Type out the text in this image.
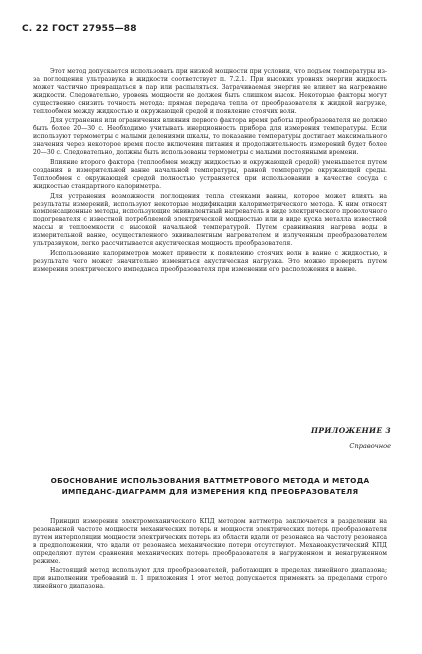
С. 22 ГОСТ 27955—88

Этот метод допускается использовать при низкой мощности при условии, что подъем температуры из-за поглощения ультразвука в жидкости соответствует п. 7.2.1. При высоких уровнях энергии жидкость может частично превращаться в пар или распыляться. Затрачиваемая энергия не влияет на нагревание жидкости. Следовательно, уровень мощности не должен быть слишком высок. Некоторые факторы могут существенно снизить точность метода: прямая передача тепла от преобразователя к жидкой нагрузке, теплообмен между жидкостью и окружающей средой и появление стоячих волн.

Для устранения или ограничения влияния первого фактора время работы преобразователя не должно быть более 20—30 с. Необходимо учитывать инерционность прибора для измерения температуры. Если используют термометры с малыми делениями шкалы, то показание температуры достигает максимального значения через некоторое время после включения питания и продолжительность измерений будет более 20—30 с. Следовательно, должны быть использованы термометры с малыми постоянными времени.

Влияние второго фактора (теплообмен между жидкостью и окружающей средой) уменьшается путем создания в измерительной ванне начальной температуры, равной температуре окружающей среды. Теплообмен с окружающей средой полностью устраняется при использовании в качестве сосуда с жидкостью стандартного калориметра.

Для устранения возможности поглощения тепла стенками ванны, которое может влиять на результаты измерений, используют некоторые модификации калориметрического метода. К ним относят компенсационные методы, использующие эквивалентный нагреватель в виде электрического проволочного подогревателя с известной потребляемой электрической мощностью или в виде куска металла известной массы и теплоемкости с высокой начальной температурой. Путем сравнивания нагрева воды в измерительной ванне, осуществленного эквивалентным нагревателем и излученным преобразователем ультразвуком, легко рассчитывается акустическая мощность преобразователя.

Использование калориметров может привести к появлению стоячих волн в ванне с жидкостью, в результате чего может значительно измениться акустическая нагрузка. Это можно проверить путем измерения электрического импеданса преобразователя при изменении его расположения в ванне.

ПРИЛОЖЕНИЕ 3
Справочное
ОБОСНОВАНИЕ ИСПОЛЬЗОВАНИЯ ВАТТМЕТРОВОГО МЕТОДА И МЕТОДА ИМПЕДАНС-ДИАГРАММ ДЛЯ ИЗМЕРЕНИЯ КПД ПРЕОБРАЗОВАТЕЛЯ

Принцип измерения электромеханического КПД методом ваттметра заключается в разделении на резонансной частоте мощности механических потерь и мощности электрических потерь преобразователя путем интерполяции мощности электрических потерь из области вдали от резонанса на частоту резонанса в предположении, что вдали от резонанса механические потери отсутствуют. Механоакустический КПД определяют путем сравнения механических потерь преобразователя в нагруженном и ненагруженном режиме.

Настоящий метод используют для преобразователей, работающих в пределах линейного диапазона; при выполнении требований п. 1 приложения 1 этот метод допускается применять за пределами строго линейного диапазона.
